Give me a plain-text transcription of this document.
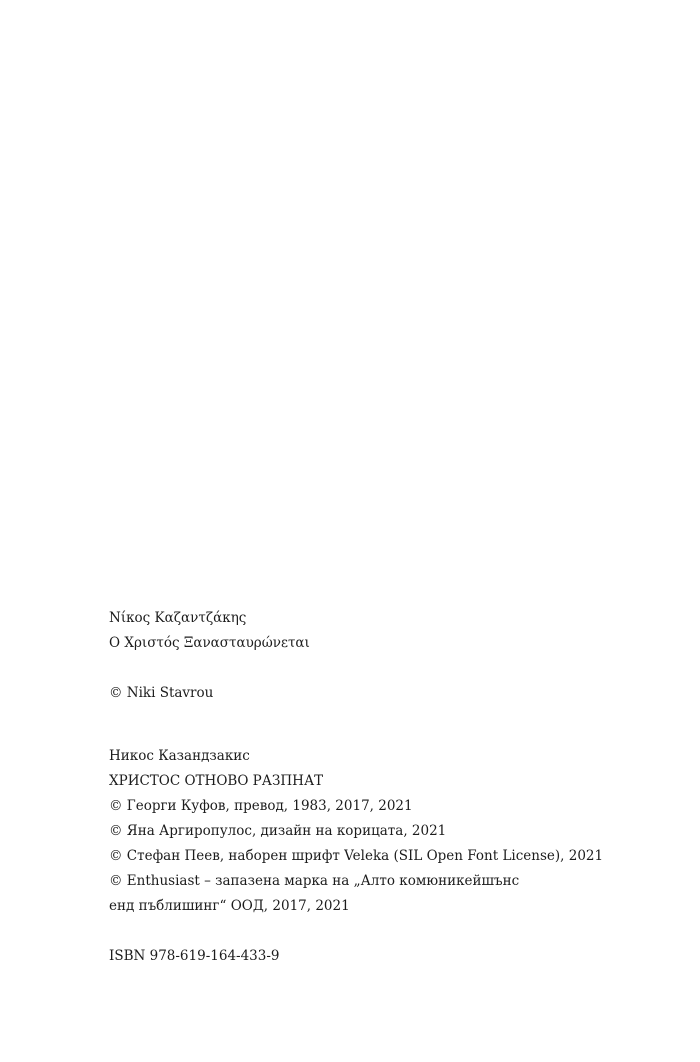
Νίκος Καζαντζάκης
Ο Χριστός Ξανασταυρώνεται
© Niki Stavrou
Никос Казандзакис
ХРИСТОС ОТНОВО РАЗПНАТ
© Георги Куфов, превод, 1983, 2017, 2021
© Яна Аргиропулос, дизайн на корицата, 2021
© Стефан Пеев, наборен шрифт Veleka (SIL Open Font License), 2021
© Enthusiast – запазена марка на „Алто комюникейшънс
енд пъблишинг“ ООД, 2017, 2021
ISBN 978-619-164-433-9
